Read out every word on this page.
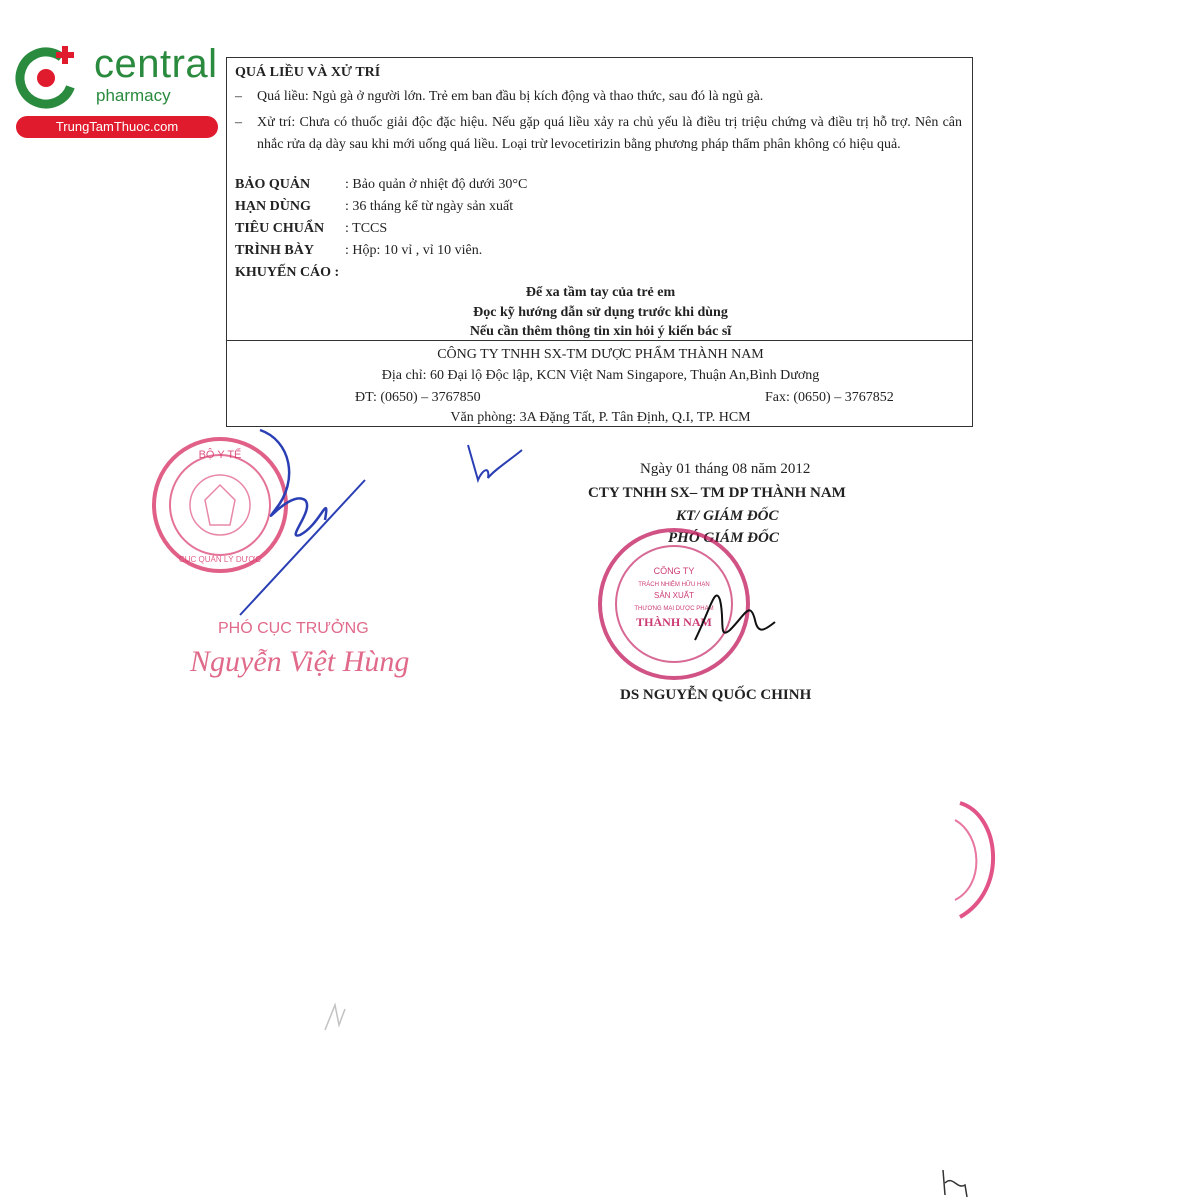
central
pharmacy
TrungTamThuoc.com
QUÁ LIỀU VÀ XỬ TRÍ
– Quá liều: Ngủ gà ở người lớn. Trẻ em ban đầu bị kích động và thao thức, sau đó là ngủ gà.
– Xử trí: Chưa có thuốc giải độc đặc hiệu. Nếu gặp quá liều xảy ra chủ yếu là điều trị triệu chứng và điều trị hỗ trợ. Nên cân nhắc rửa dạ dày sau khi mới uống quá liều. Loại trừ levocetirizin bằng phương pháp thẩm phân không có hiệu quả.
BẢO QUẢN : Bảo quản ở nhiệt độ dưới 30°C
HẠN DÙNG : 36 tháng kể từ ngày sản xuất
TIÊU CHUẨN : TCCS
TRÌNH BÀY : Hộp: 10 vỉ , vỉ 10 viên.
KHUYẾN CÁO :
Để xa tầm tay của trẻ em
Đọc kỹ hướng dẫn sử dụng trước khi dùng
Nếu cần thêm thông tin xin hỏi ý kiến bác sĩ
CÔNG TY TNHH SX-TM DƯỢC PHẨM THÀNH NAM
Địa chỉ: 60 Đại lộ Độc lập, KCN Việt Nam Singapore, Thuận An,Bình Dương
ĐT: (0650) – 3767850	Fax: (0650) – 3767852
Văn phòng: 3A Đặng Tất, P. Tân Định, Q.I, TP. HCM
Ngày 01 tháng 08 năm 2012
CTY TNHH SX– TM DP THÀNH NAM
KT/ GIÁM ĐỐC
PHÓ GIÁM ĐỐC
DS NGUYỄN QUỐC CHINH
BỘ Y TẾ
CỤC QUẢN LÝ DƯỢC
PHÓ CỤC TRƯỞNG
Nguyễn Việt Hùng
CÔNG TY
TRÁCH NHIỆM HỮU HẠN
SẢN XUẤT
THƯƠNG MẠI DƯỢC PHẨM
THÀNH NAM
